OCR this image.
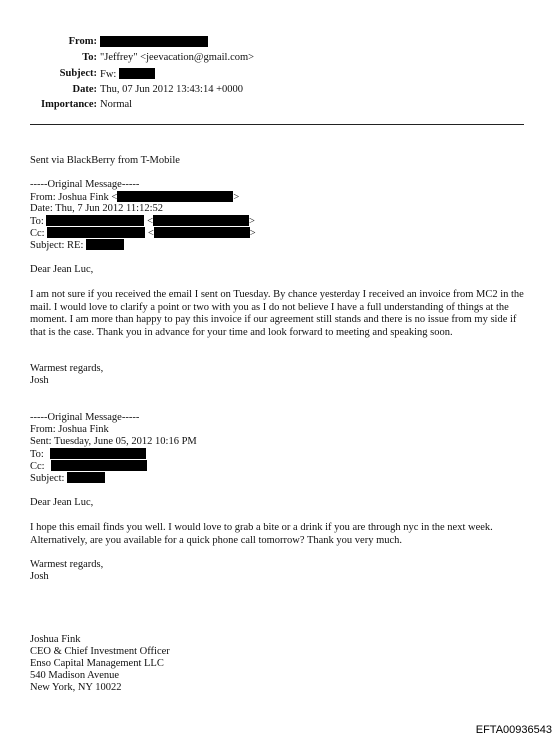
From:
To: "Jeffrey" <jeevacation@gmail.com>
Subject: Fw:
Date: Thu, 07 Jun 2012 13:43:14 +0000
Importance: Normal
Sent via BlackBerry from T-Mobile
-----Original Message-----
From: Joshua Fink <	>
Date: Thu, 7 Jun 2012 11:12:52
To:	<	>
Cc:	<	>
Subject: RE:
Dear Jean Luc,
I am not sure if you received the email I sent on Tuesday. By chance yesterday I received an invoice from MC2 in the mail. I would love to clarify a point or two with you as I do not believe I have a full understanding of things at the moment. I am more than happy to pay this invoice if our agreement still stands and there is no issue from my side if that is the case. Thank you in advance for your time and look forward to meeting and speaking soon.
Warmest regards,
Josh
-----Original Message-----
From: Joshua Fink
Sent: Tuesday, June 05, 2012 10:16 PM
To:
Cc:
Subject:
Dear Jean Luc,
I hope this email finds you well. I would love to grab a bite or a drink if you are through nyc in the next week. Alternatively, are you available for a quick phone call tomorrow? Thank you very much.
Warmest regards,
Josh
Joshua Fink
CEO & Chief Investment Officer
Enso Capital Management LLC
540 Madison Avenue
New York, NY 10022
EFTA00936543
